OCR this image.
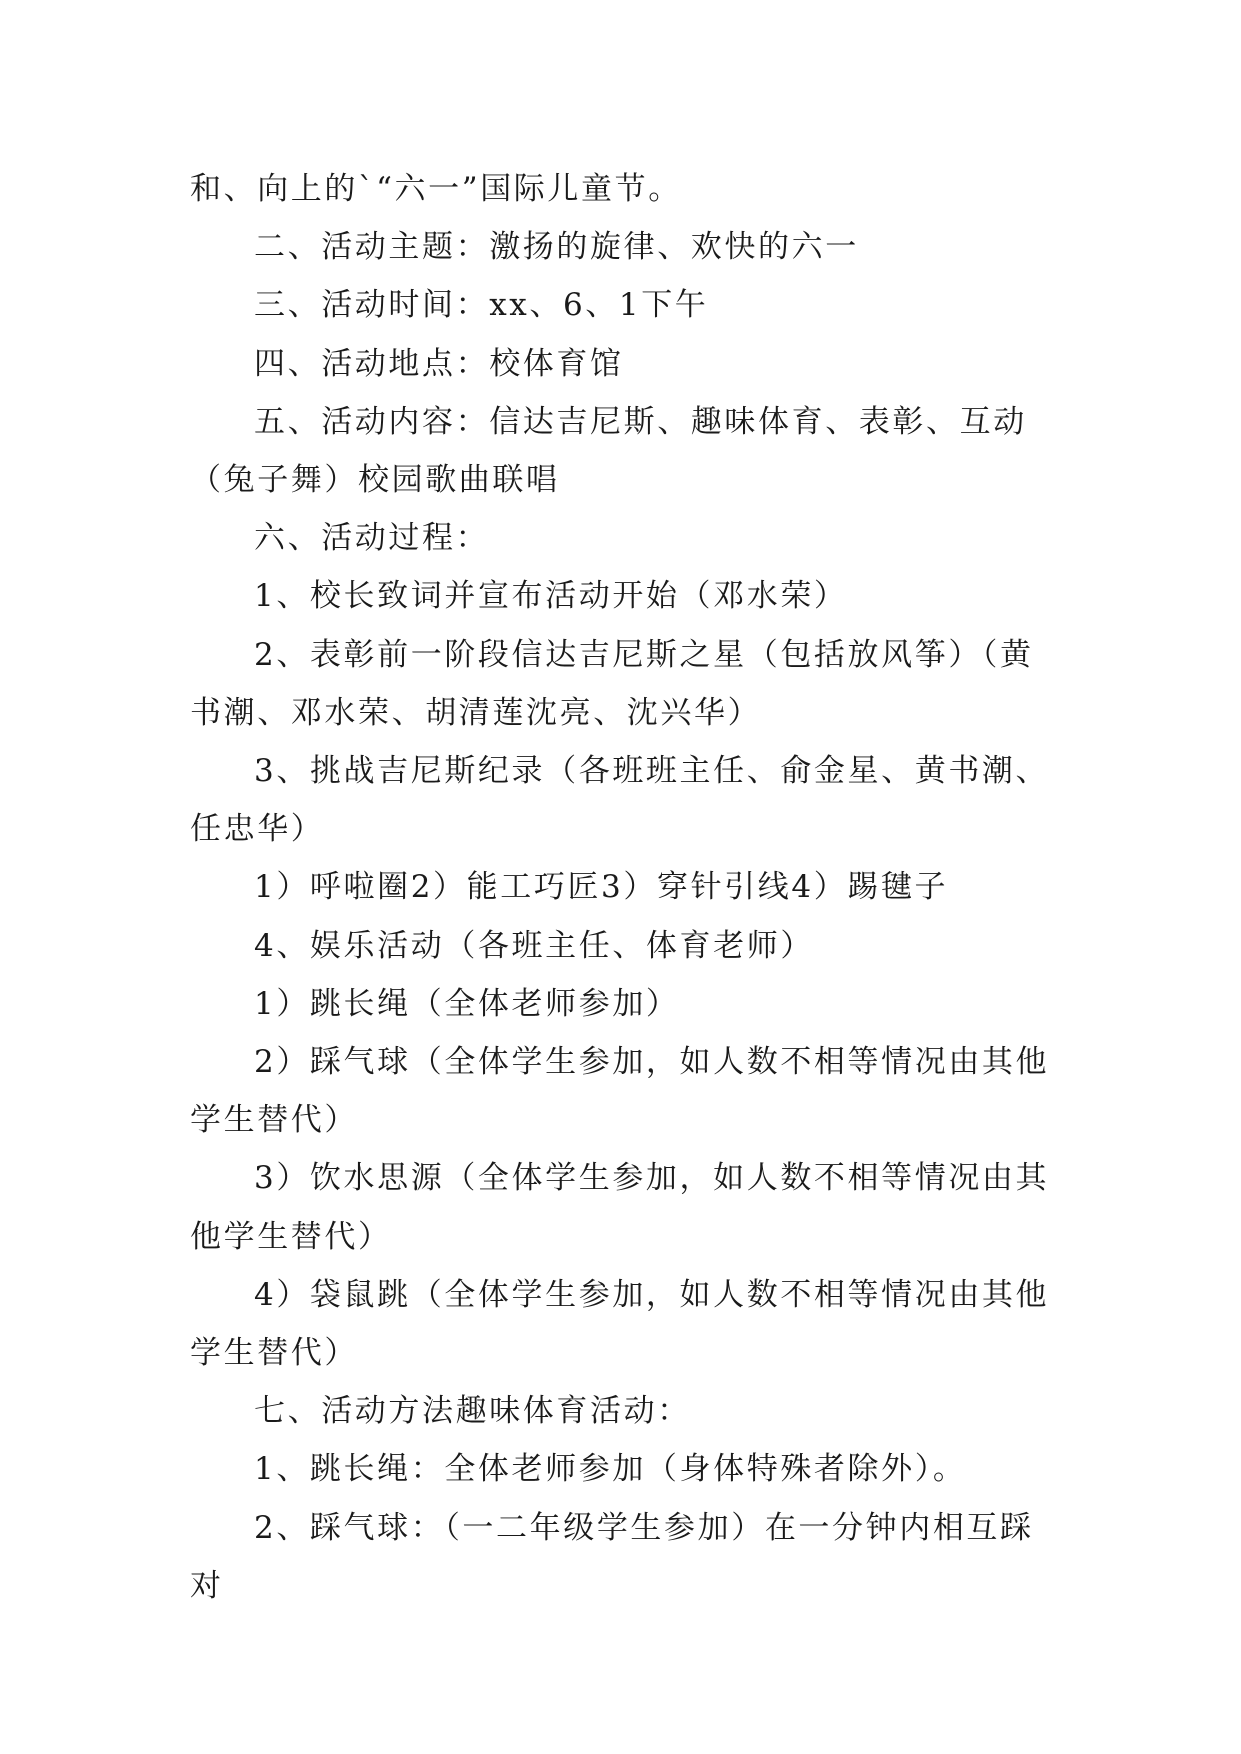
和、向上的`“六一”国际儿童节。

二、活动主题：激扬的旋律、欢快的六一

三、活动时间：xx、6、1下午

四、活动地点：校体育馆

五、活动内容：信达吉尼斯、趣味体育、表彰、互动（兔子舞）校园歌曲联唱

六、活动过程：

1、校长致词并宣布活动开始（邓水荣）

2、表彰前一阶段信达吉尼斯之星（包括放风筝）（黄书潮、邓水荣、胡清莲沈亮、沈兴华）

3、挑战吉尼斯纪录（各班班主任、俞金星、黄书潮、任忠华）

1）呼啦圈2）能工巧匠3）穿针引线4）踢毽子

4、娱乐活动（各班主任、体育老师）

1）跳长绳（全体老师参加）

2）踩气球（全体学生参加，如人数不相等情况由其他学生替代）

3）饮水思源（全体学生参加，如人数不相等情况由其他学生替代）

4）袋鼠跳（全体学生参加，如人数不相等情况由其他学生替代）

七、活动方法趣味体育活动：

1、跳长绳：全体老师参加（身体特殊者除外）。

2、踩气球：（一二年级学生参加）在一分钟内相互踩对
